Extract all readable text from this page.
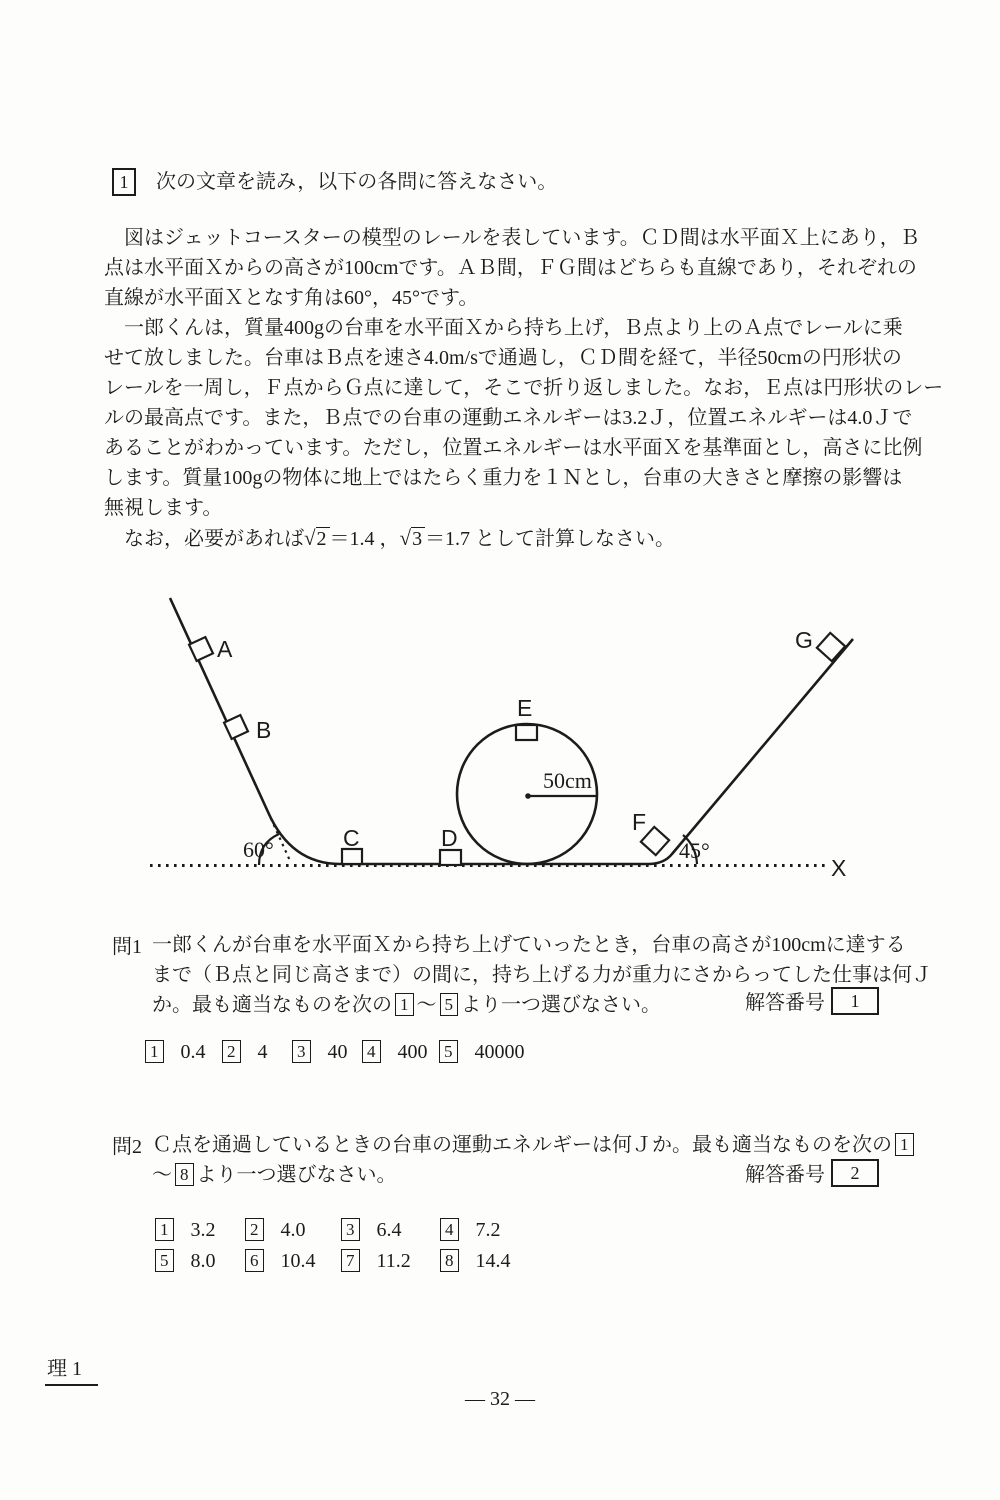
1	次の文章を読み，以下の各問に答えなさい。
　図はジェットコースターの模型のレールを表しています。ＣＤ間は水平面Ｘ上にあり，Ｂ
点は水平面Ｘからの高さが100cmです。ＡＢ間，ＦＧ間はどちらも直線であり，それぞれの
直線が水平面Ｘとなす角は60°，45°です。
　一郎くんは，質量400gの台車を水平面Ｘから持ち上げ，Ｂ点より上のＡ点でレールに乗
せて放しました。台車はＢ点を速さ4.0m/sで通過し，ＣＤ間を経て，半径50cmの円形状の
レールを一周し，Ｆ点からＧ点に達して，そこで折り返しました。なお，Ｅ点は円形状のレー
ルの最高点です。また，Ｂ点での台車の運動エネルギーは3.2Ｊ，位置エネルギーは4.0Ｊで
あることがわかっています。ただし，位置エネルギーは水平面Ｘを基準面とし，高さに比例
します。質量100gの物体に地上ではたらく重力を１Ｎとし，台車の大きさと摩擦の影響は
無視します。
　なお，必要があれば√2 ＝1.4 ，√3 ＝1.7 として計算しなさい。
A
B
C	D
E
F
G
X
60°	45°
50cm
問1 一郎くんが台車を水平面Ｘから持ち上げていったとき，台車の高さが100cmに達する
まで（Ｂ点と同じ高さまで）の間に，持ち上げる力が重力にさからってした仕事は何Ｊ
か。最も適当なものを次の 1 ～ 5 より一つ選びなさい。	解答番号	1
1 0.4	2 4	3 40	4 400 5 40000
問2 Ｃ点を通過しているときの台車の運動エネルギーは何Ｊか。最も適当なものを次の 1
～ 8 より一つ選びなさい。	解答番号	2
1 3.2	2 4.0	3 6.4	4 7.2
5 8.0	6 10.4	7 11.2	8 14.4
理 1
— 32 —
